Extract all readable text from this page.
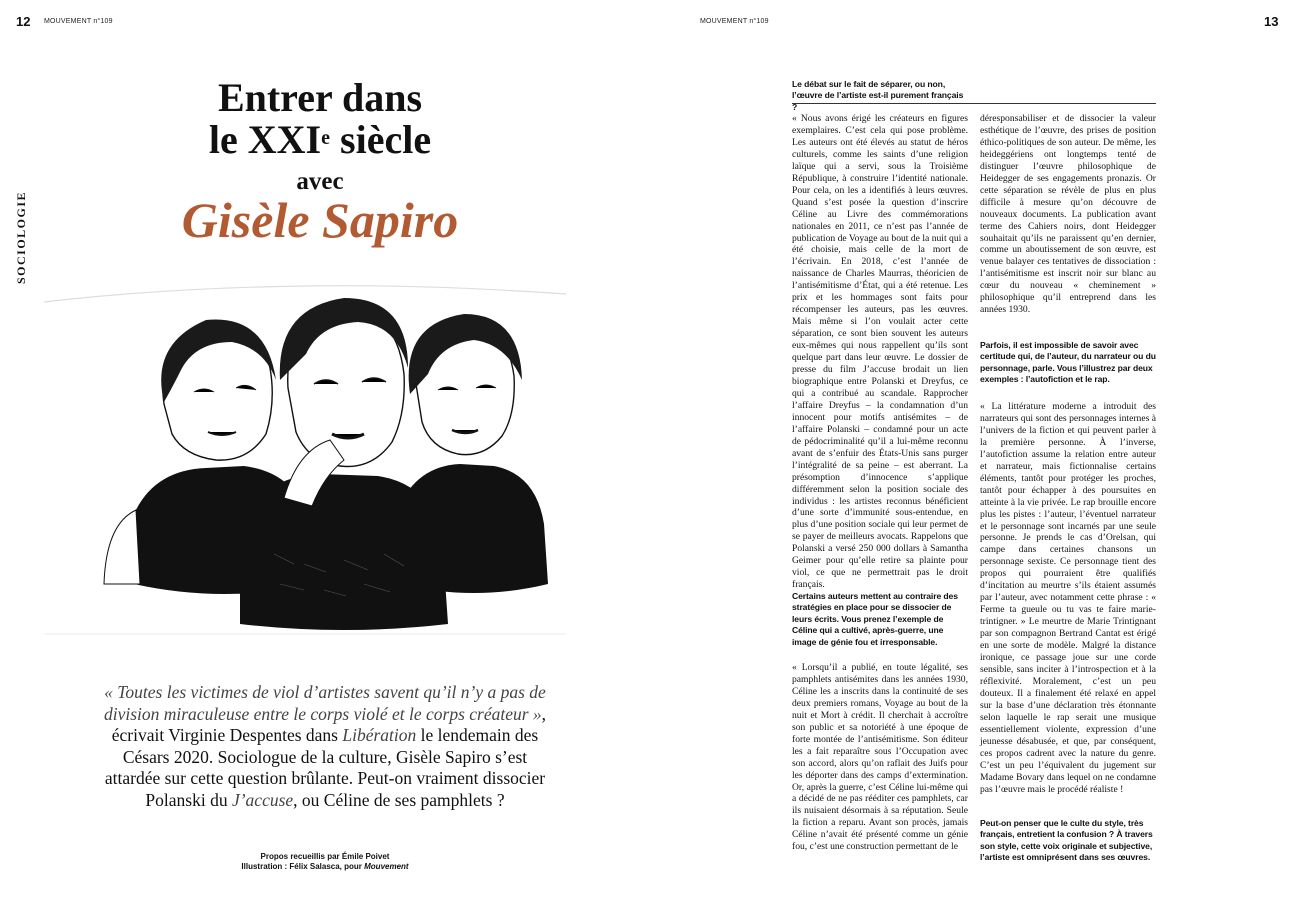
12 MOUVEMENT n°109
SOCIOLOGIE
Entrer dans
le XXIe siècle
avec
Gisèle Sapiro
« Toutes les victimes de viol d’artistes savent qu’il n’y a pas de division miraculeuse entre le corps violé et le corps créateur », écrivait Virginie Despentes dans Libération le lendemain des Césars 2020. Sociologue de la culture, Gisèle Sapiro s’est attardée sur cette question brûlante. Peut-on vraiment dissocier Polanski du J’accuse, ou Céline de ses pamphlets ?
Propos recueillis par Émile Poivet
Illustration : Félix Salasca, pour Mouvement
MOUVEMENT n°109	13
Le débat sur le fait de séparer, ou non, l’œuvre de l’artiste est-il purement français ?
« Nous avons érigé les créateurs en figures exemplaires. C’est cela qui pose problème. Les auteurs ont été élevés au statut de héros culturels, comme les saints d’une religion laïque qui a servi, sous la Troisième République, à construire l’identité nationale. Pour cela, on les a identifiés à leurs œuvres. Quand s’est posée la question d’inscrire Céline au Livre des commémorations nationales en 2011, ce n’est pas l’année de publication de Voyage au bout de la nuit qui a été choisie, mais celle de la mort de l’écrivain. En 2018, c’est l’année de naissance de Charles Maurras, théoricien de l’antisémitisme d’État, qui a été retenue. Les prix et les hommages sont faits pour récompenser les auteurs, pas les œuvres. Mais même si l’on voulait acter cette séparation, ce sont bien souvent les auteurs eux-mêmes qui nous rappellent qu’ils sont quelque part dans leur œuvre. Le dossier de presse du film J’accuse brodait un lien biographique entre Polanski et Dreyfus, ce qui a contribué au scandale. Rapprocher l’affaire Dreyfus – la condamnation d’un innocent pour motifs antisémites – de l’affaire Polanski – condamné pour un acte de pédocriminalité qu’il a lui-même reconnu avant de s’enfuir des États-Unis sans purger l’intégralité de sa peine – est aberrant. La présomption d’innocence s’applique différemment selon la position sociale des individus : les artistes reconnus bénéficient d’une sorte d’immunité sous-entendue, en plus d’une position sociale qui leur permet de se payer de meilleurs avocats. Rappelons que Polanski a versé 250 000 dollars à Samantha Geimer pour qu’elle retire sa plainte pour viol, ce que ne permettrait pas le droit français.
Certains auteurs mettent au contraire des stratégies en place pour se dissocier de leurs écrits. Vous prenez l’exemple de Céline qui a cultivé, après-guerre, une image de génie fou et irresponsable.
« Lorsqu’il a publié, en toute légalité, ses pamphlets antisémites dans les années 1930, Céline les a inscrits dans la continuité de ses deux premiers romans, Voyage au bout de la nuit et Mort à crédit. Il cherchait à accroître son public et sa notoriété à une époque de forte montée de l’antisémitisme. Son éditeur les a fait reparaître sous l’Occupation avec son accord, alors qu’on raflait des Juifs pour les déporter dans des camps d’extermination. Or, après la guerre, c’est Céline lui-même qui a décidé de ne pas rééditer ces pamphlets, car ils nuisaient désormais à sa réputation. Seule la fiction a reparu. Avant son procès, jamais Céline n’avait été présenté comme un génie fou, c’est une construction permettant de le
déresponsabiliser et de dissocier la valeur esthétique de l’œuvre, des prises de position éthico-politiques de son auteur. De même, les heideggériens ont longtemps tenté de distinguer l’œuvre philosophique de Heidegger de ses engagements pronazis. Or cette séparation se révèle de plus en plus difficile à mesure qu’on découvre de nouveaux documents. La publication avant terme des Cahiers noirs, dont Heidegger souhaitait qu’ils ne paraissent qu’en dernier, comme un aboutissement de son œuvre, est venue balayer ces tentatives de dissociation : l’antisémitisme est inscrit noir sur blanc au cœur du nouveau « cheminement » philosophique qu’il entreprend dans les années 1930.
Parfois, il est impossible de savoir avec certitude qui, de l’auteur, du narrateur ou du personnage, parle. Vous l’illustrez par deux exemples : l’autofiction et le rap.
« La littérature moderne a introduit des narrateurs qui sont des personnages internes à l’univers de la fiction et qui peuvent parler à la première personne. À l’inverse, l’autofiction assume la relation entre auteur et narrateur, mais fictionnalise certains éléments, tantôt pour protéger les proches, tantôt pour échapper à des poursuites en atteinte à la vie privée. Le rap brouille encore plus les pistes : l’auteur, l’éventuel narrateur et le personnage sont incarnés par une seule personne. Je prends le cas d’Orelsan, qui campe dans certaines chansons un personnage sexiste. Ce personnage tient des propos qui pourraient être qualifiés d’incitation au meurtre s’ils étaient assumés par l’auteur, avec notamment cette phrase : « Ferme ta gueule ou tu vas te faire marie-trintigner. » Le meurtre de Marie Trintignant par son compagnon Bertrand Cantat est érigé en une sorte de modèle. Malgré la distance ironique, ce passage joue sur une corde sensible, sans inciter à l’introspection et à la réflexivité. Moralement, c’est un peu douteux. Il a finalement été relaxé en appel sur la base d’une déclaration très étonnante selon laquelle le rap serait une musique essentiellement violente, expression d’une jeunesse désabusée, et que, par conséquent, ces propos cadrent avec la nature du genre. C’est un peu l’équivalent du jugement sur Madame Bovary dans lequel on ne condamne pas l’œuvre mais le procédé réaliste !
Peut-on penser que le culte du style, très français, entretient la confusion ? À travers son style, cette voix originale et subjective, l’artiste est omniprésent dans ses œuvres.
